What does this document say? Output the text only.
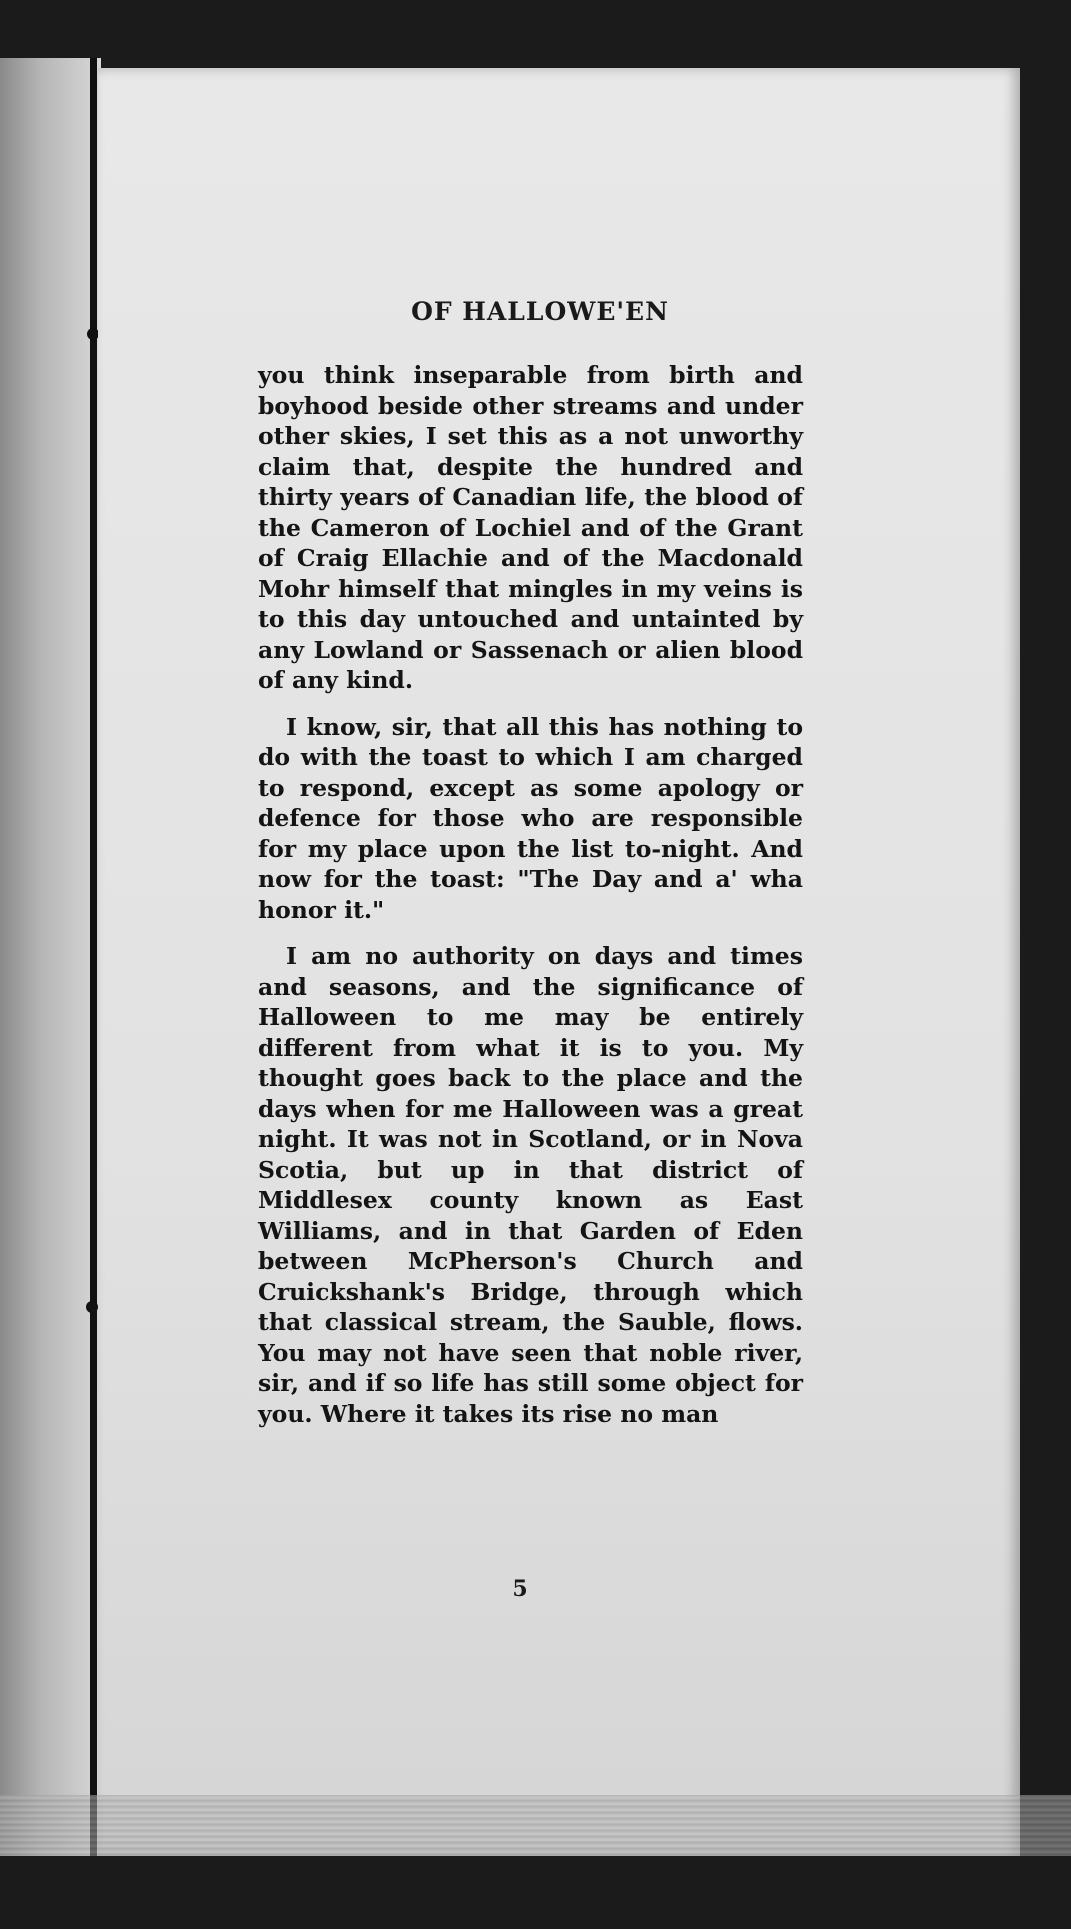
OF HALLOWE'EN

you think inseparable from birth and boyhood beside other streams and under other skies, I set this as a not unworthy claim that, despite the hundred and thirty years of Canadian life, the blood of the Cameron of Lochiel and of the Grant of Craig Ellachie and of the Macdonald Mohr himself that mingles in my veins is to this day untouched and untainted by any Lowland or Sassenach or alien blood of any kind.

I know, sir, that all this has nothing to do with the toast to which I am charged to respond, except as some apology or defence for those who are responsible for my place upon the list to-night. And now for the toast: "The Day and a' wha honor it."

I am no authority on days and times and seasons, and the significance of Halloween to me may be entirely different from what it is to you. My thought goes back to the place and the days when for me Halloween was a great night. It was not in Scotland, or in Nova Scotia, but up in that district of Middlesex county known as East Williams, and in that Garden of Eden between McPherson's Church and Cruickshank's Bridge, through which that classical stream, the Sauble, flows. You may not have seen that noble river, sir, and if so life has still some object for you. Where it takes its rise no man

5
